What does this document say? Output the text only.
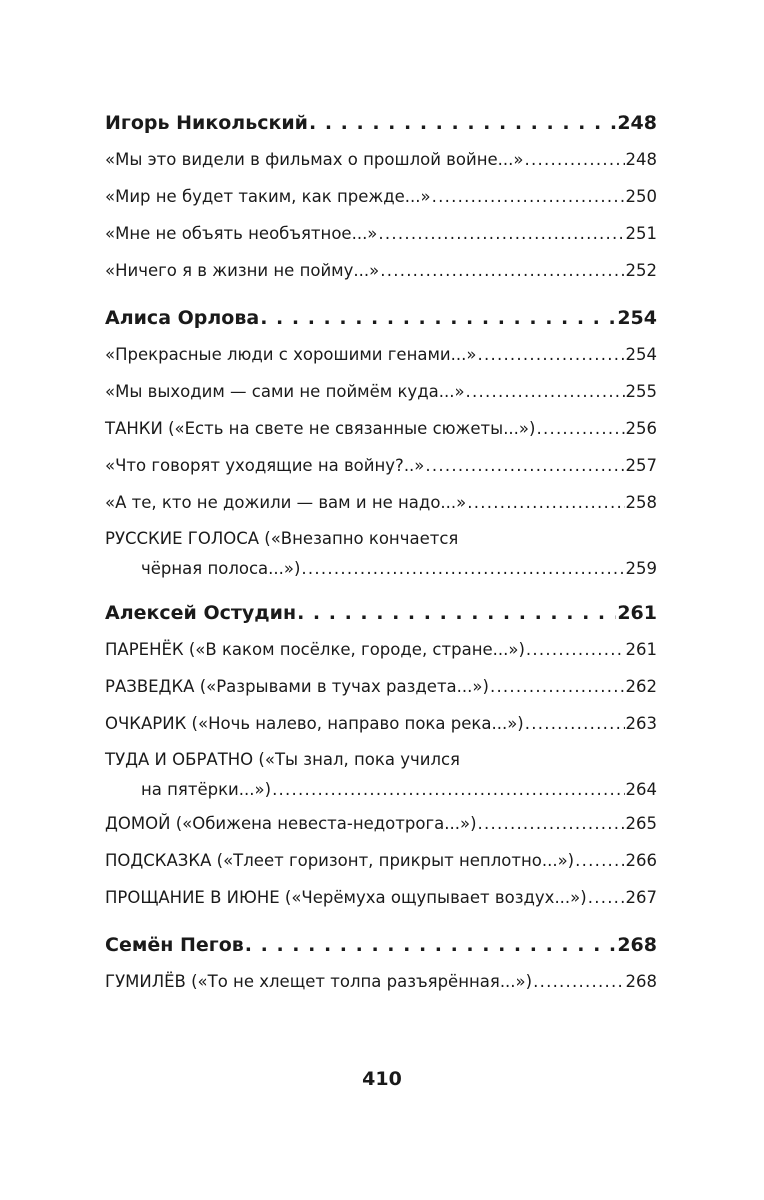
Игорь Никольский . . .	248
«Мы это видели в фильмах о прошлой войне...» . . .	248
«Мир не будет таким, как прежде...» . . .	250
«Мне не объять необъятное...» . . .	251
«Ничего я в жизни не пойму...» . . .	252
Алиса Орлова . . .	254
«Прекрасные люди с хорошими генами...» . . .	254
«Мы выходим — сами не поймём куда...» . . .	255
ТАНКИ («Есть на свете не связанные сюжеты...») . . .	256
«Что говорят уходящие на войну?..» . . .	257
«А те, кто не дожили — вам и не надо...» . . .	258
РУССКИЕ ГОЛОСА («Внезапно кончается
чёрная полоса...») . . .	259
Алексей Остудин . . .	261
ПАРЕНЁК («В каком посёлке, городе, стране...») . . .	261
РАЗВЕДКА («Разрывами в тучах раздета...») . . .	262
ОЧКАРИК («Ночь налево, направо пока река...») . . .	263
ТУДА И ОБРАТНО («Ты знал, пока учился
на пятёрки...») . . .	264
ДОМОЙ («Обижена невеста-недотрога...») . . .	265
ПОДСКАЗКА («Тлеет горизонт, прикрыт неплотно...») . . .	266
ПРОЩАНИЕ В ИЮНЕ («Черёмуха ощупывает воздух...») . . . 267
Семён Пегов . . .	268
ГУМИЛЁВ («То не хлещет толпа разъярённая...») . . .	268
410
